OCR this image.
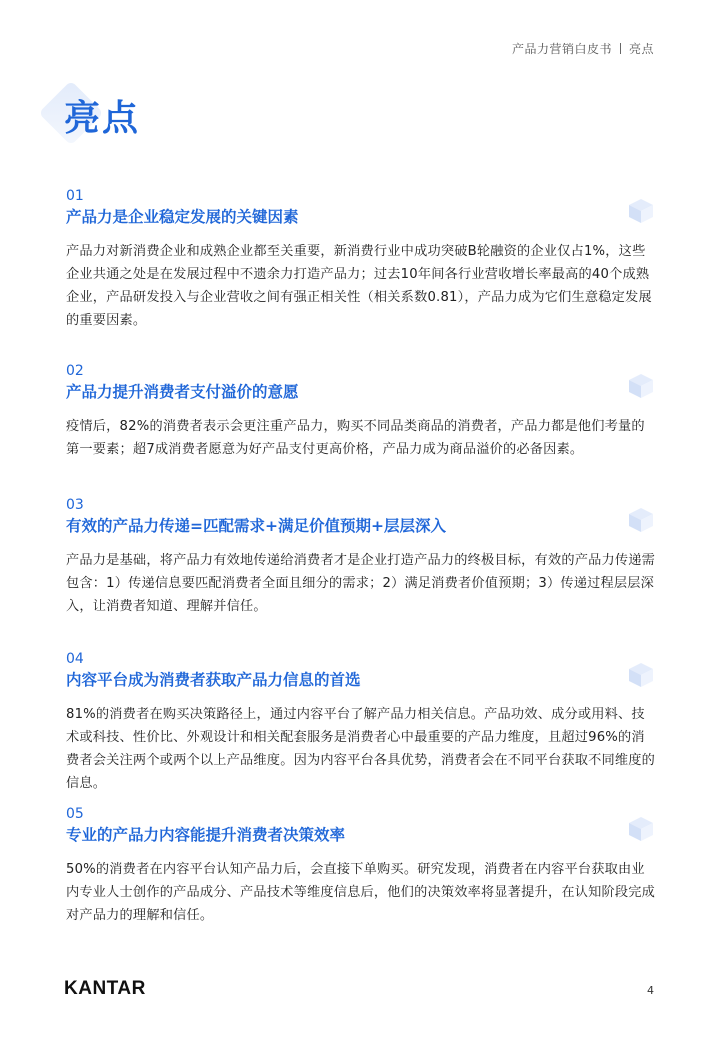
产品力营销白皮书 亮点
亮点
01
产品力是企业稳定发展的关键因素
产品力对新消费企业和成熟企业都至关重要，新消费行业中成功突破B轮融资的企业仅占1%，这些企业共通之处是在发展过程中不遗余力打造产品力；过去10年间各行业营收增长率最高的40个成熟企业，产品研发投入与企业营收之间有强正相关性（相关系数0.81），产品力成为它们生意稳定发展的重要因素。
02
产品力提升消费者支付溢价的意愿
疫情后，82%的消费者表示会更注重产品力，购买不同品类商品的消费者，产品力都是他们考量的第一要素；超7成消费者愿意为好产品支付更高价格，产品力成为商品溢价的必备因素。
03
有效的产品力传递=匹配需求+满足价值预期+层层深入
产品力是基础，将产品力有效地传递给消费者才是企业打造产品力的终极目标，有效的产品力传递需包含：1）传递信息要匹配消费者全面且细分的需求；2）满足消费者价值预期；3）传递过程层层深入，让消费者知道、理解并信任。
04
内容平台成为消费者获取产品力信息的首选
81%的消费者在购买决策路径上，通过内容平台了解产品力相关信息。产品功效、成分或用料、技术或科技、性价比、外观设计和相关配套服务是消费者心中最重要的产品力维度，且超过96%的消费者会关注两个或两个以上产品维度。因为内容平台各具优势，消费者会在不同平台获取不同维度的信息。
05
专业的产品力内容能提升消费者决策效率
50%的消费者在内容平台认知产品力后，会直接下单购买。研究发现，消费者在内容平台获取由业内专业人士创作的产品成分、产品技术等维度信息后，他们的决策效率将显著提升，在认知阶段完成对产品力的理解和信任。
KANTAR	4
